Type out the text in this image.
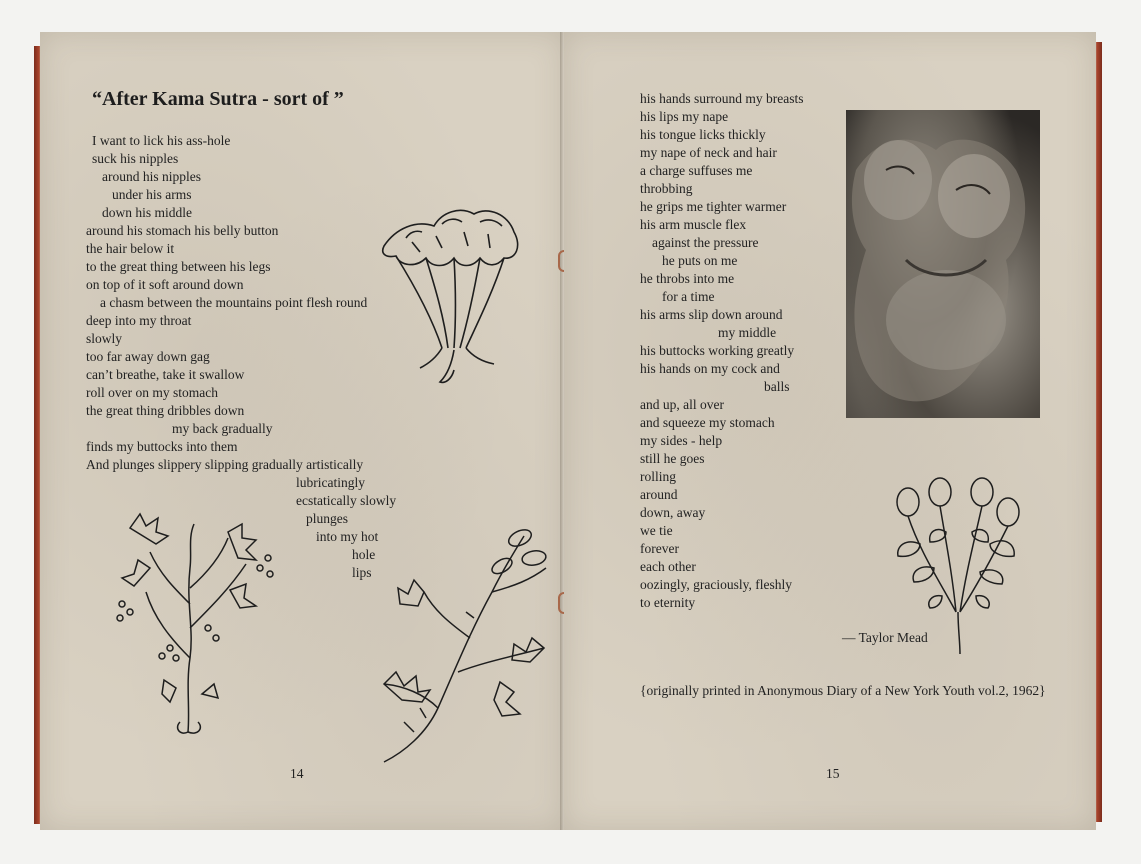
“After Kama Sutra - sort of ”
I want to lick his ass-hole
suck his nipples
around his nipples
under his arms
down his middle
around his stomach his belly button
the hair below it
to the great thing between his legs
on top of it soft around down
a chasm between the mountains point flesh round
deep into my throat
slowly
too far away down gag
can’t breathe, take it swallow
roll over on my stomach
the great thing dribbles down
my back gradually
finds my buttocks into them
And plunges slippery slipping gradually artistically
lubricatingly
ecstatically slowly
plunges
into my hot
hole
lips
14
his hands surround my breasts
his lips my nape
his tongue licks thickly
my nape of neck and hair
a charge suffuses me
throbbing
he grips me tighter warmer
his arm muscle flex
against the pressure
he puts on me
he throbs into me
for a time
his arms slip down around
my middle
his buttocks working greatly
his hands on my cock and
balls
and up, all over
and squeeze my stomach
my sides - help
still he goes
rolling
around
down, away
we tie
forever
each other
oozingly, graciously, fleshly
to eternity
— Taylor Mead
{originally printed in Anonymous Diary of a New York Youth vol.2, 1962}
15
